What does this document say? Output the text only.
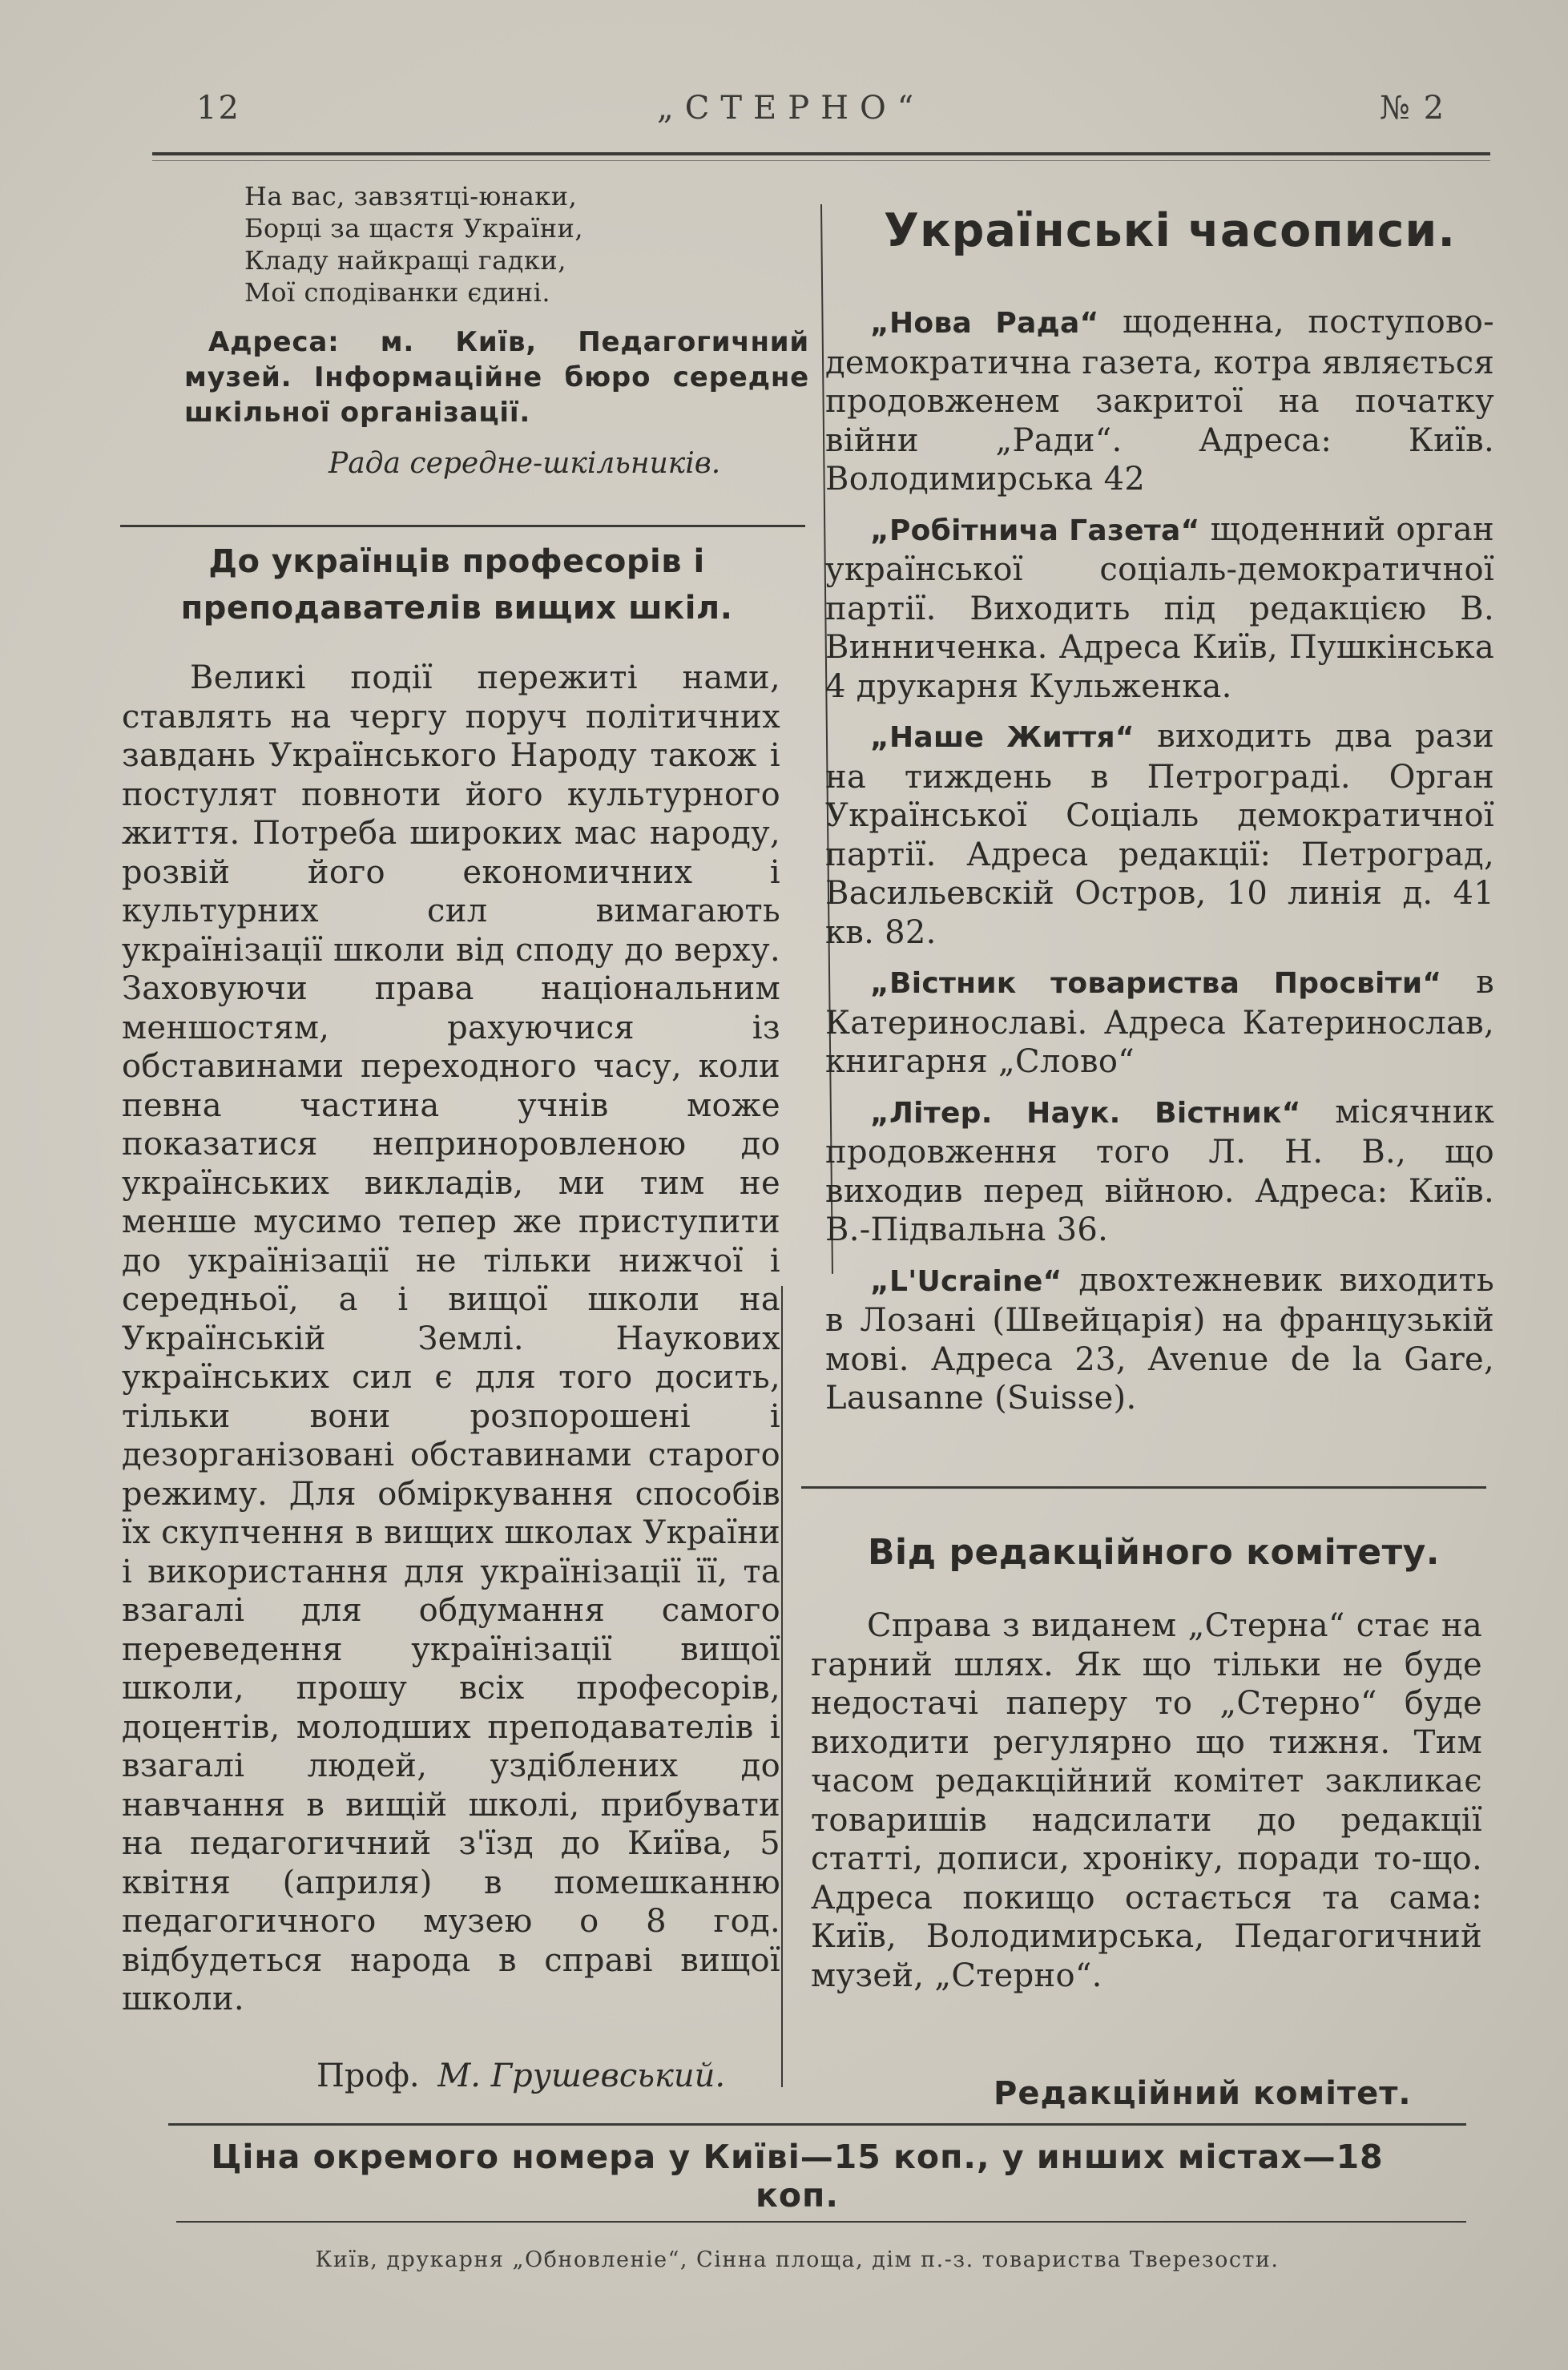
12	„СТЕРНО“	№ 2
На вас, завзятці-юнаки,
Борці за щастя України,
Кладу найкращі гадки,
Мої сподіванки єдині.
Адреса: м. Київ, Педагогичний музей. Інформаційне бюро середне шкільної організації.
Рада середне-шкільників.
До українців професорів і преподавателів вищих шкіл.

Великі події пережиті нами, ставлять на чергу поруч політичних завдань Українського Народу також і постулят повноти його культурного життя. Потреба широких мас народу, розвій його економичних і культурних сил вимагають українізації школи від споду до верху. Заховуючи права національним меншостям, рахуючися із обставинами переходного часу, коли певна частина учнів може показатися неприноровленою до українських викладів, ми тим не менше мусимо тепер же приступити до українізації не тільки нижчої і середньої, а і вищої школи на Українській Землі. Наукових українських сил є для того досить, тільки вони розпорошені і дезорганізовані обставинами старого режиму. Для обміркування способів їх скупчення в вищих школах України і використання для українізації її, та взагалі для обдумання самого переведення українізації вищої школи, прошу всіх професорів, доцентів, молодших преподавателів і взагалі людей, уздіблених до навчання в вищій школі, прибувати на педагогичний з'їзд до Київа, 5 квітня (априля) в помешканню педагогичного музею о 8 год. відбудеться народа в справі вищої школи.

Проф. М. Грушевський.
Українські часописи.

„Нова Рада“ щоденна, поступово-демократична газета, котра являється продовженем закритої на початку війни „Ради“. Адреса: Київ. Володимирська 42

„Робітнича Газета“ щоденний орган української соціаль-демократичної партії. Виходить під редакцією В. Винниченка. Адреса Київ, Пушкінська 4 друкарня Кульженка.

„Наше Життя“ виходить два рази на тиждень в Петрограді. Орган Української Соціаль демократичної партії. Адреса редакції: Петроград, Васильевскій Остров, 10 линія д. 41 кв. 82.

„Вістник товариства Просвіти“ в Катеринославі. Адреса Катеринослав, книгарня „Слово“

„Літер. Наук. Вістник“ місячник продовження того Л. Н. В., що виходив перед війною. Адреса: Київ. В.-Підвальна 36.

„L'Ucraine“ двохтежневик виходить в Лозані (Швейцарія) на французькій мові. Адреса 23, Avenue de la Gare, Lausanne (Suisse).

Від редакційного комітету.

Справа з виданем „Стерна“ стає на гарний шлях. Як що тільки не буде недостачі паперу то „Стерно“ буде виходити регулярно що тижня. Тим часом редакційний комітет закликає товаришів надсилати до редакції статті, дописи, хроніку, поради то-що. Адреса покищо остається та сама: Київ, Володимирська, Педагогичний музей, „Стерно“.

Редакційний комітет.
Ціна окремого номера у Київі—15 коп., у инших містах—18 коп.
Київ, друкарня „Обновленіе“, Сінна площа, дім п.-з. товариства Тверезости.
